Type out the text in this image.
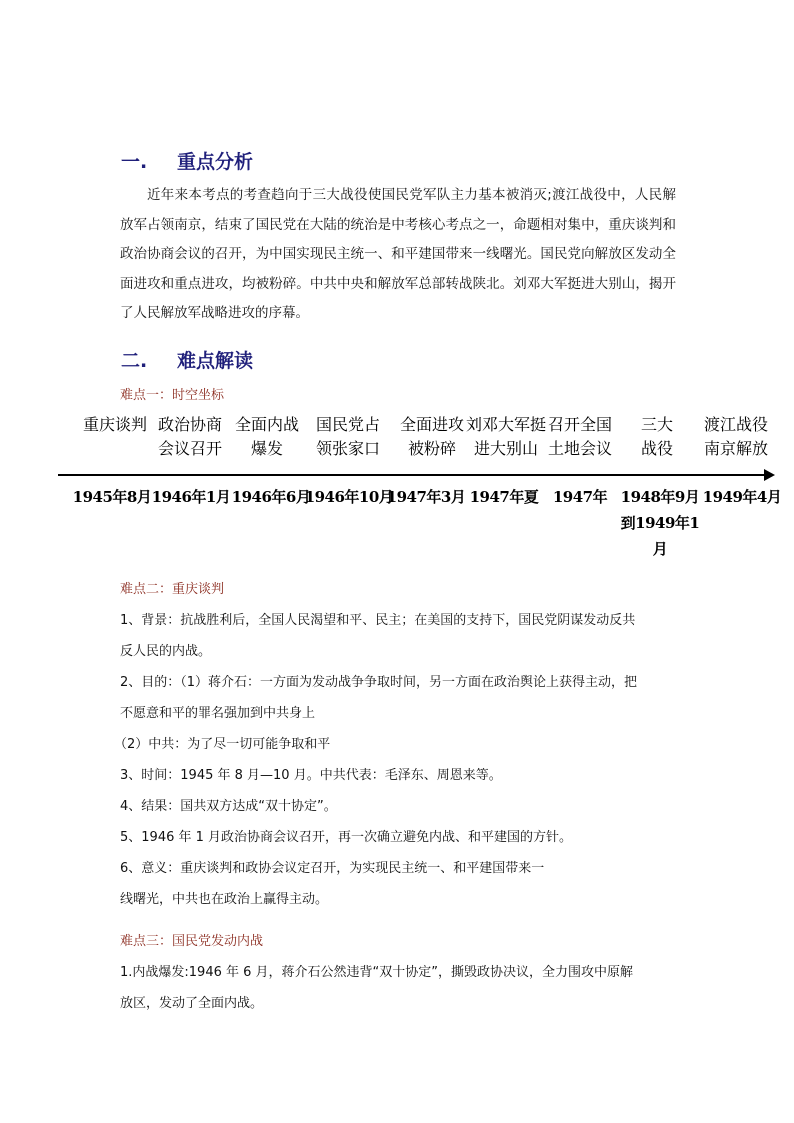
一. 重点分析
近年来本考点的考查趋向于三大战役使国民党军队主力基本被消灭;渡江战役中，人民解放军占领南京，结束了国民党在大陆的统治是中考核心考点之一，命题相对集中，重庆谈判和政治协商会议的召开，为中国实现民主统一、和平建国带来一线曙光。国民党向解放区发动全面进攻和重点进攻，均被粉碎。中共中央和解放军总部转战陕北。刘邓大军挺进大别山，揭开了人民解放军战略进攻的序幕。
二. 难点解读
难点一：时空坐标
重庆谈判 政治协商会议召开
全面内战爆发
国民党占领张家口
全面进攻被粉碎
刘邓大军挺进大别山
召开全国土地会议
三大战役
渡江战役南京解放
1945年8月 1946年1月 1946年6月
1946年10月
1947年3月 1947年夏 1947年 1948年9月到1949年1月
1949年4月
难点二：重庆谈判
1、背景：抗战胜利后，全国人民渴望和平、民主；在美国的支持下，国民党阴谋发动反共
反人民的内战。
2、目的：（1）蒋介石：一方面为发动战争争取时间，另一方面在政治舆论上获得主动，把
不愿意和平的罪名强加到中共身上
（2）中共：为了尽一切可能争取和平
3、时间：1945 年 8 月—10 月。中共代表：毛泽东、周恩来等。
4、结果：国共双方达成“双十协定”。
5、1946 年 1 月政治协商会议召开，再一次确立避免内战、和平建国的方针。
6、意义：重庆谈判和政协会议定召开，为实现民主统一、和平建国带来一
线曙光，中共也在政治上赢得主动。
难点三：国民党发动内战
1.内战爆发:1946 年 6 月，蒋介石公然违背“双十协定”，撕毁政协决议，全力围攻中原解
放区，发动了全面内战。
